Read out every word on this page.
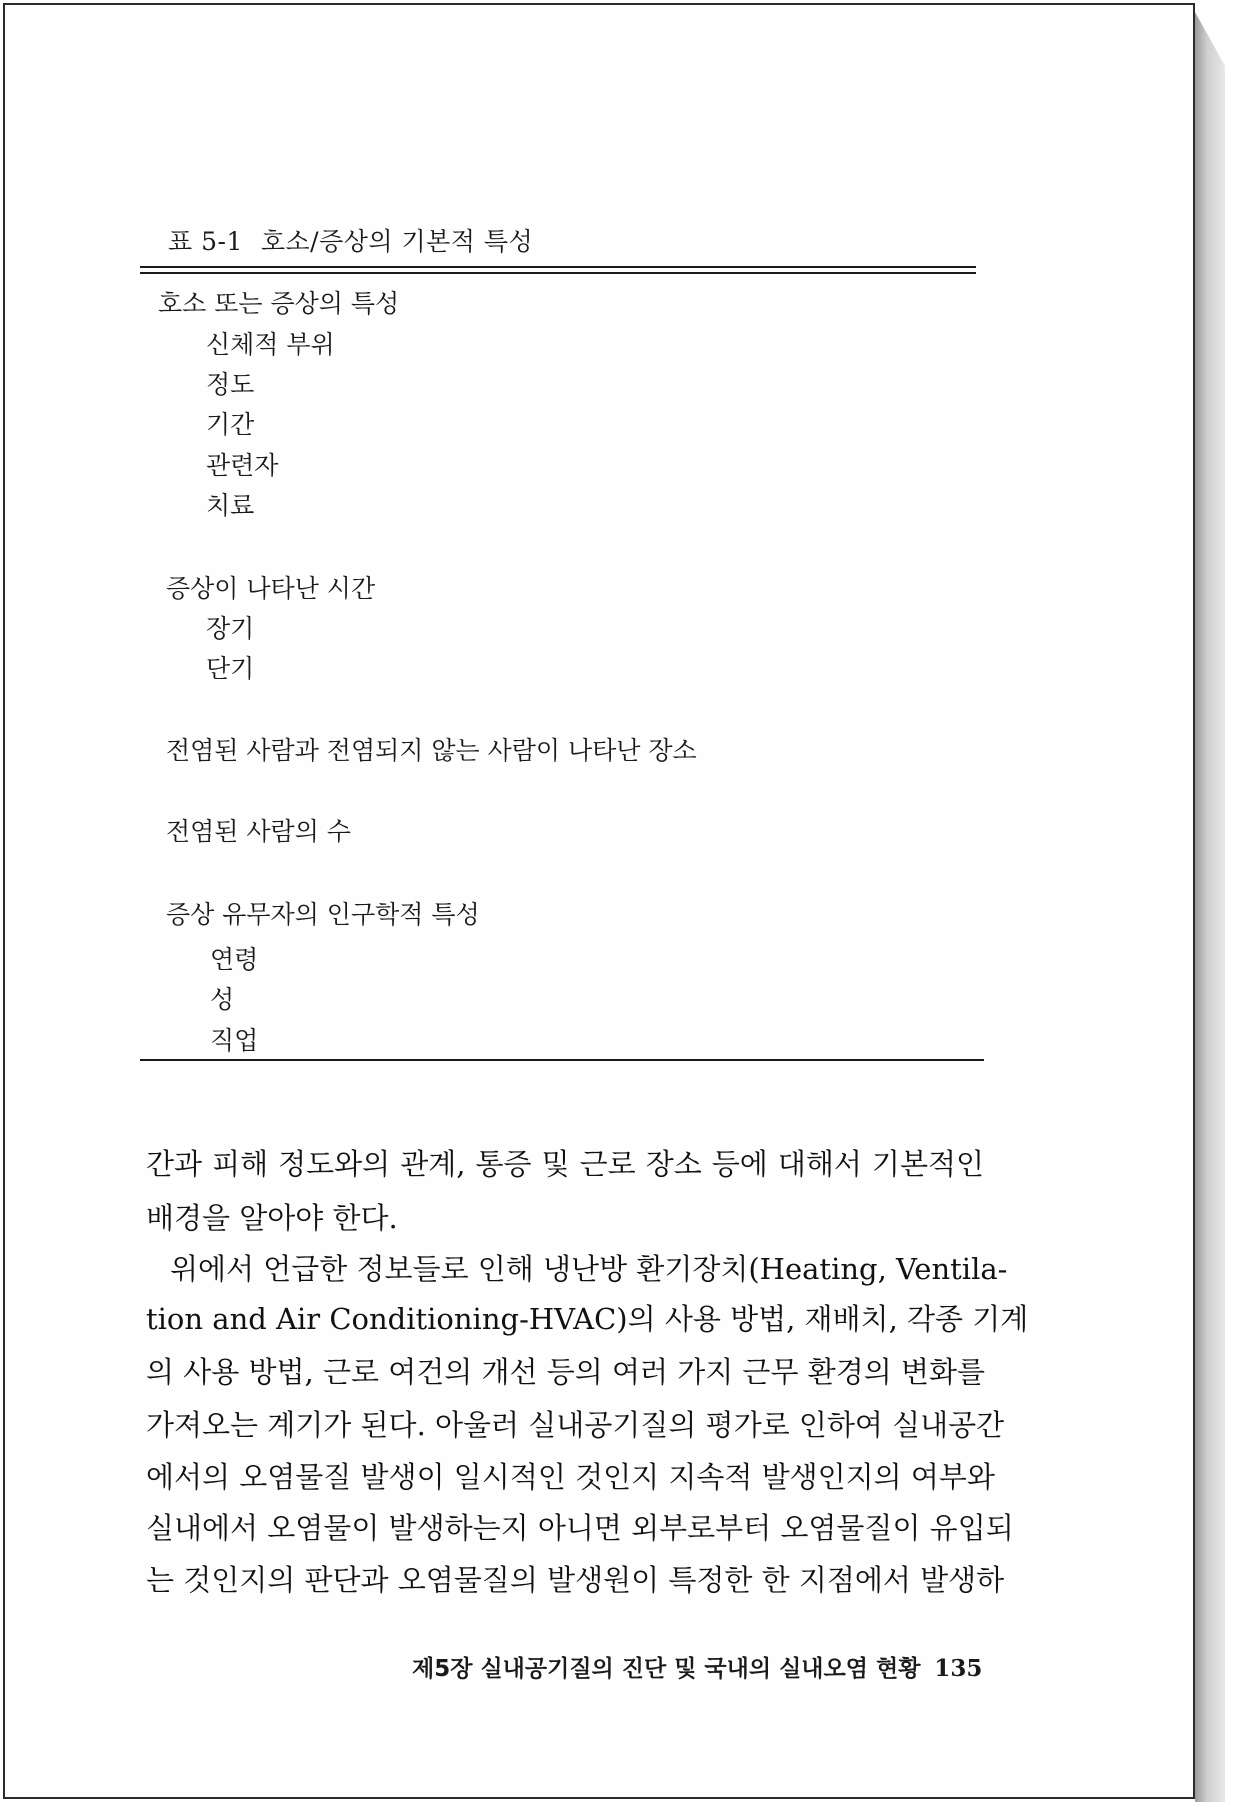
표 5-1 호소/증상의 기본적 특성
호소 또는 증상의 특성
신체적 부위
정도
기간
관련자
치료
증상이 나타난 시간
장기
단기
전염된 사람과 전염되지 않는 사람이 나타난 장소
전염된 사람의 수
증상 유무자의 인구학적 특성
연령
성
직업
간과 피해 정도와의 관계, 통증 및 근로 장소 등에 대해서 기본적인
배경을 알아야 한다.
위에서 언급한 정보들로 인해 냉난방 환기장치(Heating, Ventila-
tion and Air Conditioning-HVAC)의 사용 방법, 재배치, 각종 기계
의 사용 방법, 근로 여건의 개선 등의 여러 가지 근무 환경의 변화를
가져오는 계기가 된다. 아울러 실내공기질의 평가로 인하여 실내공간
에서의 오염물질 발생이 일시적인 것인지 지속적 발생인지의 여부와
실내에서 오염물이 발생하는지 아니면 외부로부터 오염물질이 유입되
는 것인지의 판단과 오염물질의 발생원이 특정한 한 지점에서 발생하
제5장 실내공기질의 진단 및 국내의 실내오염 현황 135
